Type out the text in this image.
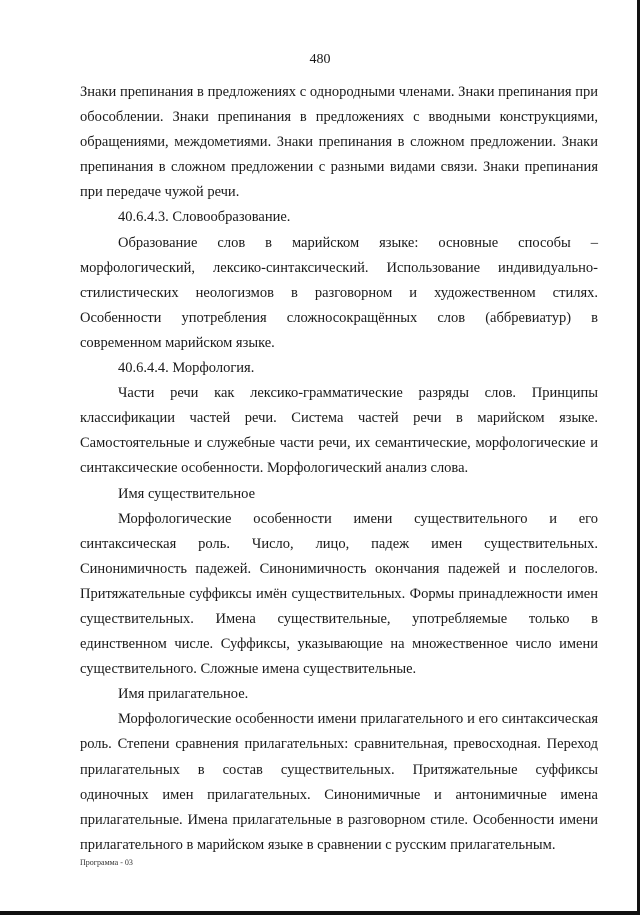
480

Знаки препинания в предложениях с однородными членами. Знаки препинания при обособлении. Знаки препинания в предложениях с вводными конструкциями, обращениями, междометиями. Знаки препинания в сложном предложении. Знаки препинания в сложном предложении с разными видами связи. Знаки препинания при передаче чужой речи.

40.6.4.3. Словообразование.

Образование слов в марийском языке: основные способы – морфологический, лексико-синтаксический. Использование индивидуально-стилистических неологизмов в разговорном и художественном стилях. Особенности употребления сложносокращённых слов (аббревиатур) в современном марийском языке.

40.6.4.4. Морфология.

Части речи как лексико-грамматические разряды слов. Принципы классификации частей речи. Система частей речи в марийском языке. Самостоятельные и служебные части речи, их семантические, морфологические и синтаксические особенности. Морфологический анализ слова.

Имя существительное

Морфологические особенности имени существительного и его синтаксическая роль. Число, лицо, падеж имен существительных. Синонимичность падежей. Синонимичность окончания падежей и послелогов. Притяжательные суффиксы имён существительных. Формы принадлежности имен существительных. Имена существительные, употребляемые только в единственном числе. Суффиксы, указывающие на множественное число имени существительного. Сложные имена существительные.

Имя прилагательное.

Морфологические особенности имени прилагательного и его синтаксическая роль. Степени сравнения прилагательных: сравнительная, превосходная. Переход прилагательных в состав существительных. Притяжательные суффиксы одиночных имен прилагательных. Синонимичные и антонимичные имена прилагательные. Имена прилагательные в разговорном стиле. Особенности имени прилагательного в марийском языке в сравнении с русским прилагательным.

Программа - 03
